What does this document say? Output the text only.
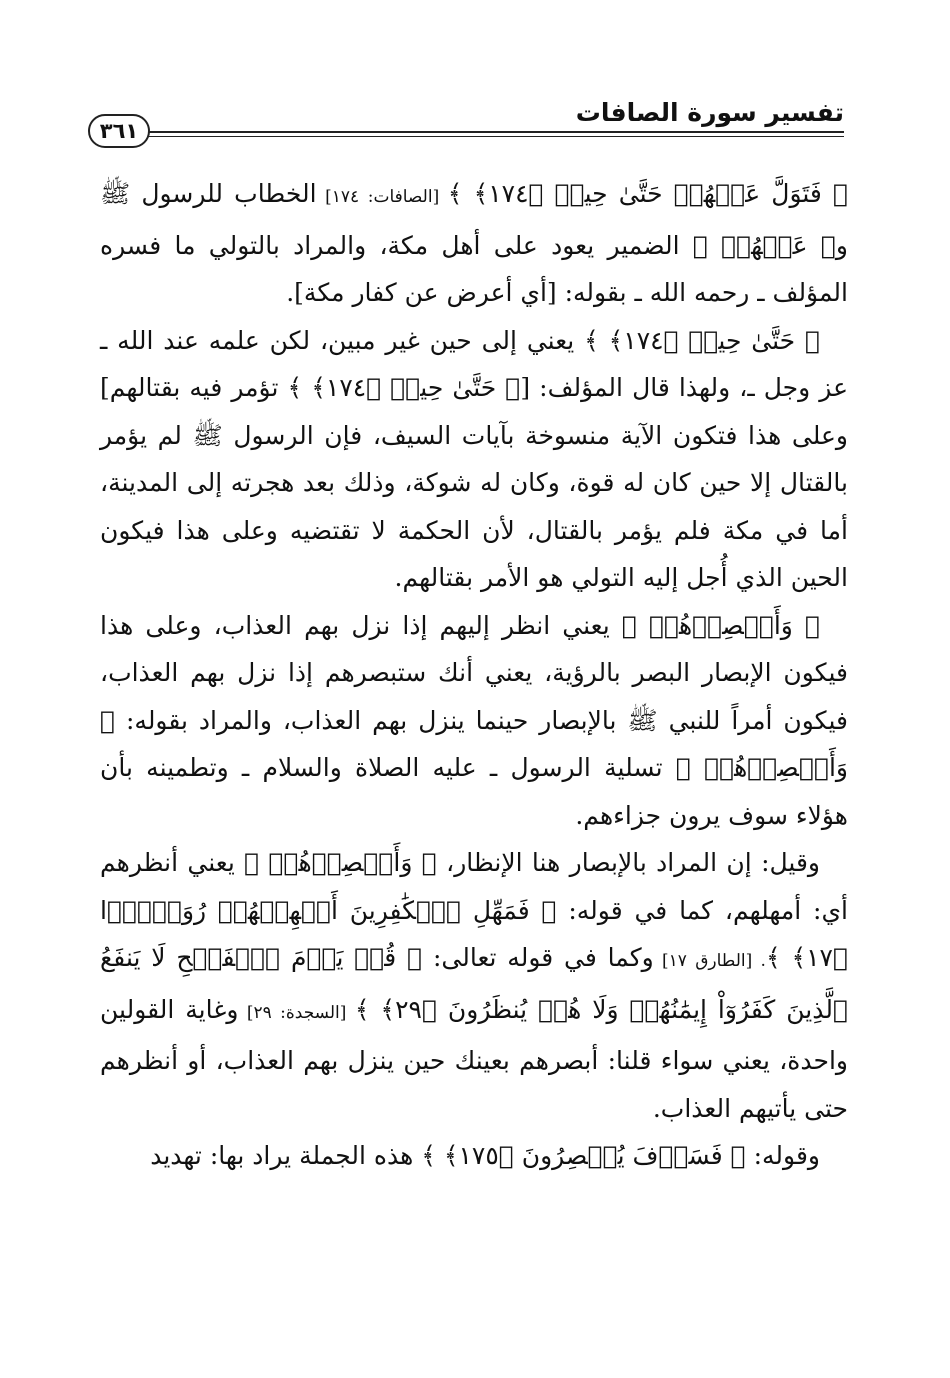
تفسير سورة الصافات
٣٦١

﴿ فَتَوَلَّ عَنۡهُمۡ حَتَّىٰ حِينٖ ﴿١٧٤﴾ ﴾ [الصافات: ١٧٤] الخطاب للرسول ﷺ و﴿ عَنۡهُمۡ ﴾ الضمير يعود على أهل مكة، والمراد بالتولي ما فسره المؤلف ـ رحمه الله ـ بقوله: [أي أعرض عن كفار مكة].

﴿ حَتَّىٰ حِينٖ ﴿١٧٤﴾ ﴾ يعني إلى حين غير مبين، لكن علمه عند الله ـ عز وجل ـ، ولهذا قال المؤلف: [﴿ حَتَّىٰ حِينٖ ﴿١٧٤﴾ ﴾ تؤمر فيه بقتالهم] وعلى هذا فتكون الآية منسوخة بآيات السيف، فإن الرسول ﷺ لم يؤمر بالقتال إلا حين كان له قوة، وكان له شوكة، وذلك بعد هجرته إلى المدينة، أما في مكة فلم يؤمر بالقتال، لأن الحكمة لا تقتضيه وعلى هذا فيكون الحين الذي أُجل إليه التولي هو الأمر بقتالهم.

﴿ وَأَبۡصِرۡهُمۡ ﴾ يعني انظر إليهم إذا نزل بهم العذاب، وعلى هذا فيكون الإبصار البصر بالرؤية، يعني أنك ستبصرهم إذا نزل بهم العذاب، فيكون أمراً للنبي ﷺ بالإبصار حينما ينزل بهم العذاب، والمراد بقوله: ﴿ وَأَبۡصِرۡهُمۡ ﴾ تسلية الرسول ـ عليه الصلاة والسلام ـ وتطمينه بأن هؤلاء سوف يرون جزاءهم.

وقيل: إن المراد بالإبصار هنا الإنظار، ﴿ وَأَبۡصِرۡهُمۡ ﴾ يعني أنظرهم أي: أمهلهم، كما في قوله: ﴿ فَمَهِّلِ ٱلۡكَٰفِرِينَ أَمۡهِلۡهُمۡ رُوَيۡدَۢا ﴿١٧﴾ ﴾. [الطارق ١٧] وكما في قوله تعالى: ﴿ قُلۡ يَوۡمَ ٱلۡفَتۡحِ لَا يَنفَعُ ٱلَّذِينَ كَفَرُوٓاْ إِيمَٰنُهُمۡ وَلَا هُمۡ يُنظَرُونَ ﴿٢٩﴾ ﴾ [السجدة: ٢٩] وغاية القولين واحدة، يعني سواء قلنا: أبصرهم بعينك حين ينزل بهم العذاب، أو أنظرهم حتى يأتيهم العذاب.

وقوله: ﴿ فَسَوۡفَ يُبۡصِرُونَ ﴿١٧٥﴾ ﴾ هذه الجملة يراد بها: تهديد
